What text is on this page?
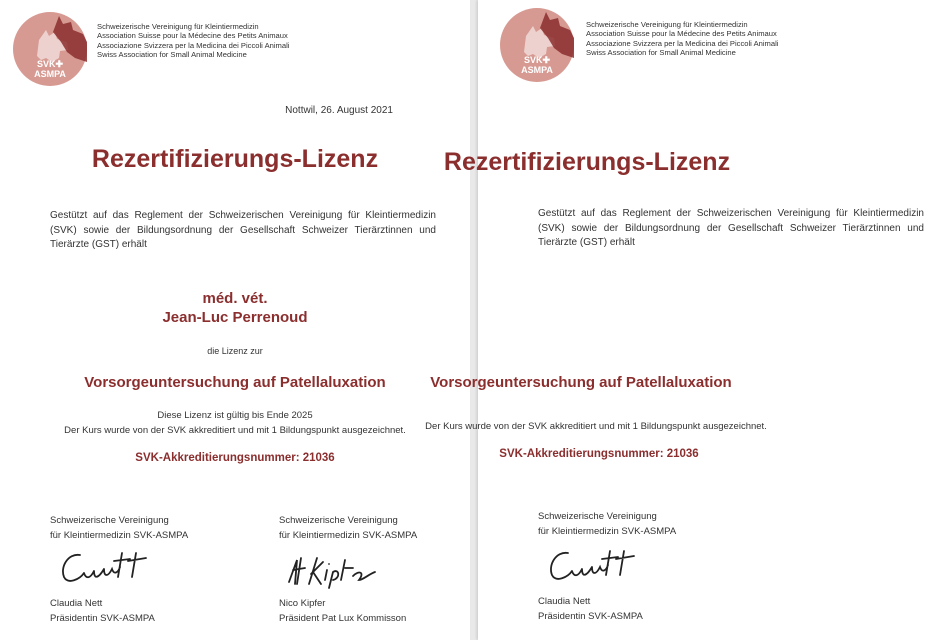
SVK✚
ASMPA
Schweizerische Vereinigung für Kleintiermedizin
Association Suisse pour la Médecine des Petits Animaux
Associazione Svizzera per la Medicina dei Piccoli Animali
Swiss Association for Small Animal Medicine
Nottwil, 26. August 2021
Rezertifizierungs-Lizenz
Gestützt auf das Reglement der Schweizerischen Vereinigung für Kleintiermedizin (SVK) sowie der Bildungsordnung der Gesellschaft Schweizer Tierärztinnen und Tierärzte (GST) erhält
méd. vét.
Jean-Luc Perrenoud
die Lizenz zur
Vorsorgeuntersuchung auf Patellaluxation
Diese Lizenz ist gültig bis Ende 2025
Der Kurs wurde von der SVK akkreditiert und mit 1 Bildungspunkt ausgezeichnet.
SVK-Akkreditierungsnummer: 21036
Schweizerische Vereinigung
für Kleintiermedizin SVK-ASMPA
Claudia Nett
Präsidentin SVK-ASMPA
Schweizerische Vereinigung
für Kleintiermedizin SVK-ASMPA
Nico Kipfer
Präsident Pat Lux Kommisson
SVK✚
ASMPA
Schweizerische Vereinigung für Kleintiermedizin
Association Suisse pour la Médecine des Petits Animaux
Associazione Svizzera per la Medicina dei Piccoli Animali
Swiss Association for Small Animal Medicine
Rezertifizierungs-Lizenz
Gestützt auf das Reglement der Schweizerischen Vereinigung für Kleintiermedizin (SVK) sowie der Bildungsordnung der Gesellschaft Schweizer Tierärztinnen und Tierärzte (GST) erhält
Vorsorgeuntersuchung auf Patellaluxation
Der Kurs wurde von der SVK akkreditiert und mit 1 Bildungspunkt ausgezeichnet.
SVK-Akkreditierungsnummer: 21036
Schweizerische Vereinigung
für Kleintiermedizin SVK-ASMPA
Claudia Nett
Präsidentin SVK-ASMPA
